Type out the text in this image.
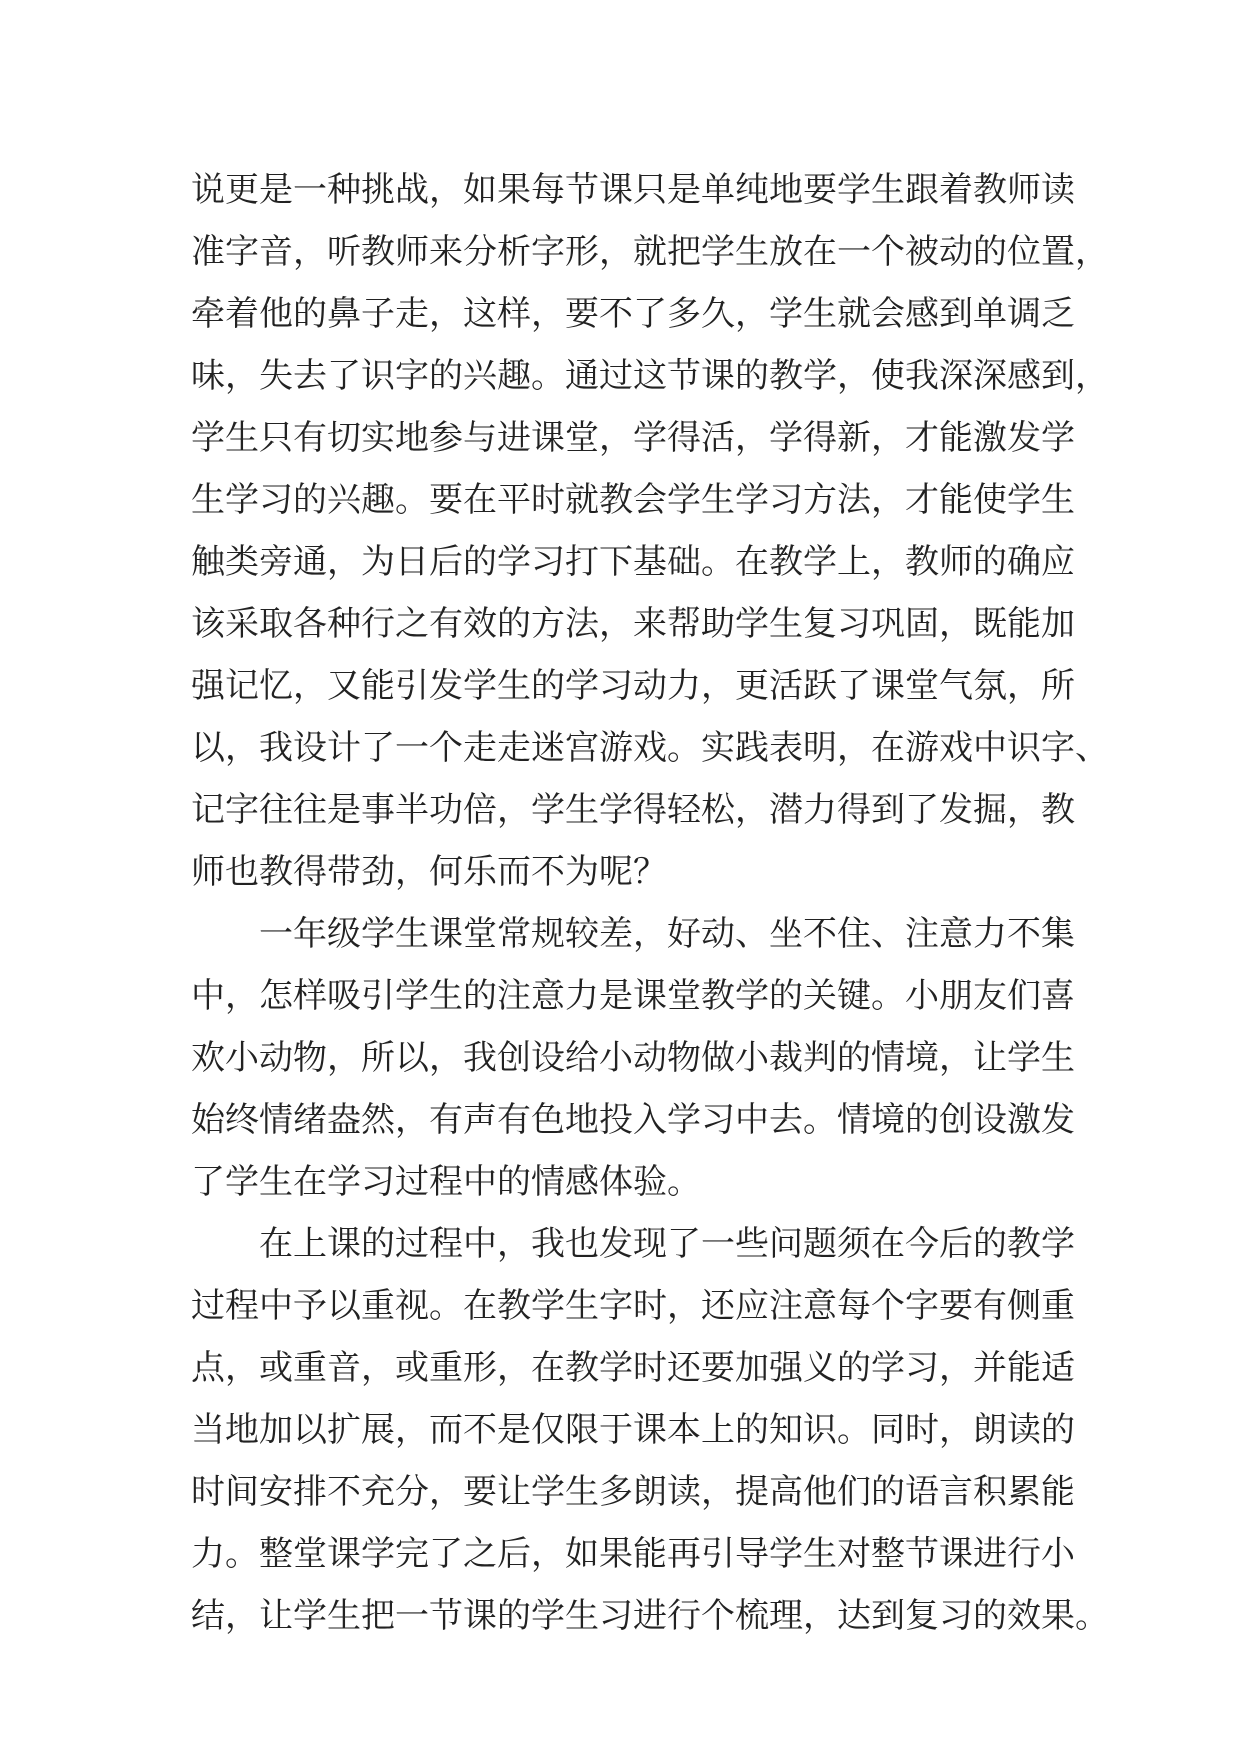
说更是一种挑战，如果每节课只是单纯地要学生跟着教师读
准字音，听教师来分析字形，就把学生放在一个被动的位置，
牵着他的鼻子走，这样，要不了多久，学生就会感到单调乏
味，失去了识字的兴趣。通过这节课的教学，使我深深感到，
学生只有切实地参与进课堂，学得活，学得新，才能激发学
生学习的兴趣。要在平时就教会学生学习方法，才能使学生
触类旁通，为日后的学习打下基础。在教学上，教师的确应
该采取各种行之有效的方法，来帮助学生复习巩固，既能加
强记忆，又能引发学生的学习动力，更活跃了课堂气氛，所
以，我设计了一个走走迷宫游戏。实践表明，在游戏中识字、
记字往往是事半功倍，学生学得轻松，潜力得到了发掘，教
师也教得带劲，何乐而不为呢？
一年级学生课堂常规较差，好动、坐不住、注意力不集
中，怎样吸引学生的注意力是课堂教学的关键。小朋友们喜
欢小动物，所以，我创设给小动物做小裁判的情境，让学生
始终情绪盎然，有声有色地投入学习中去。情境的创设激发
了学生在学习过程中的情感体验。
在上课的过程中，我也发现了一些问题须在今后的教学
过程中予以重视。在教学生字时，还应注意每个字要有侧重
点，或重音，或重形，在教学时还要加强义的学习，并能适
当地加以扩展，而不是仅限于课本上的知识。同时，朗读的
时间安排不充分，要让学生多朗读，提高他们的语言积累能
力。整堂课学完了之后，如果能再引导学生对整节课进行小
结，让学生把一节课的学生习进行个梳理，达到复习的效果。
